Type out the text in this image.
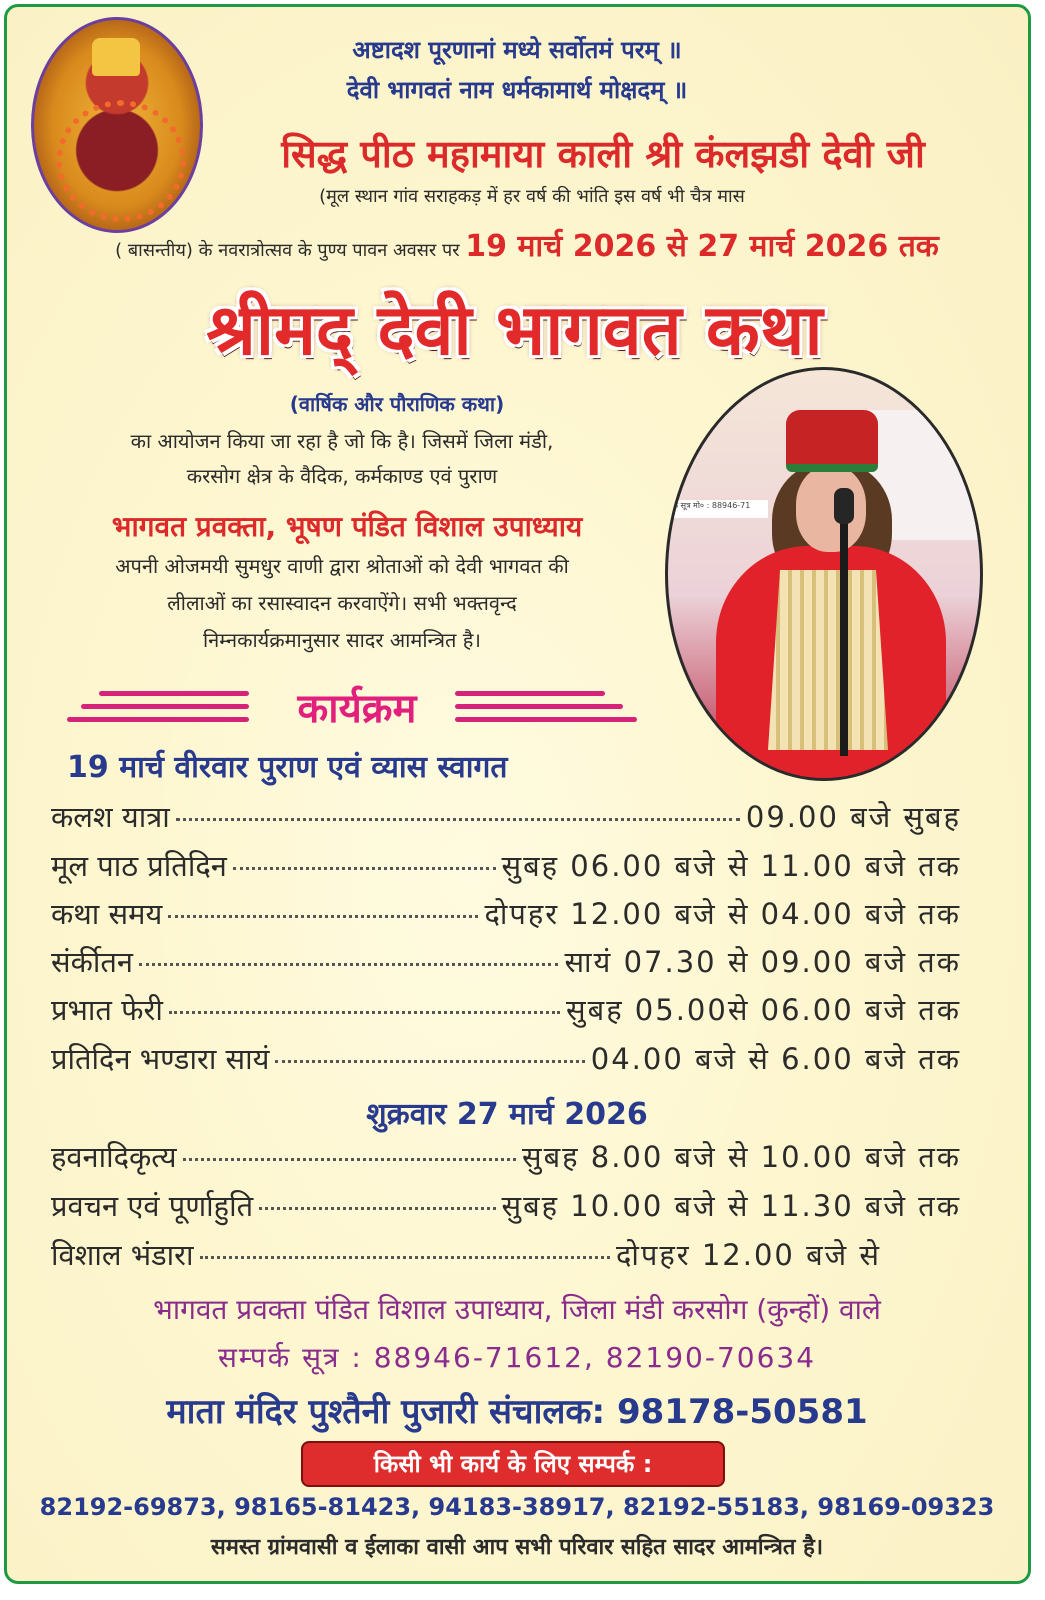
अष्टादश पूरणानां मध्ये सर्वोतमं परम् ॥
देवी भागवतं नाम धर्मकामार्थ मोक्षदम् ॥
सिद्ध पीठ महामाया काली श्री कंलझडी देवी जी
(मूल स्थान गांव सराहकड़ में हर वर्ष की भांति इस वर्ष भी चैत्र मास
( बासन्तीय) के नवरात्रोत्सव के पुण्य पावन अवसर पर 19 मार्च 2026 से 27 मार्च 2026 तक
श्रीमद् देवी भागवत कथा
(वार्षिक और पौराणिक कथा)
का आयोजन किया जा रहा है जो कि है। जिसमें जिला मंडी,
करसोग क्षेत्र के वैदिक, कर्मकाण्ड एवं पुराण
भागवत प्रवक्ता, भूषण पंडित विशाल उपाध्याय
अपनी ओजमयी सुमधुर वाणी द्वारा श्रोताओं को देवी भागवत की
लीलाओं का रसास्वादन करवाऐंगे। सभी भक्तवृन्द
निम्नकार्यक्रमानुसार सादर आमन्त्रित है।
के सूत्र मो० : 88946-71
कार्यक्रम
19 मार्च वीरवार पुराण एवं व्यास स्वागत
कलश यात्रा	09.00 बजे सुबह
मूल पाठ प्रतिदिन	सुबह 06.00 बजे से 11.00 बजे तक
कथा समय	दोपहर 12.00 बजे से 04.00 बजे तक
संर्कीतन	सायं 07.30 से 09.00 बजे तक
प्रभात फेरी	सुबह 05.00से 06.00 बजे तक
प्रतिदिन भण्डारा सायं	04.00 बजे से 6.00 बजे तक
शुक्रवार 27 मार्च 2026
हवनादिकृत्य	सुबह 8.00 बजे से 10.00 बजे तक
प्रवचन एवं पूर्णाहुति	सुबह 10.00 बजे से 11.30 बजे तक
विशाल भंडारा	दोपहर 12.00 बजे से
भागवत प्रवक्ता पंडित विशाल उपाध्याय, जिला मंडी करसोग (कुन्हों) वाले
सम्पर्क सूत्र : 88946-71612, 82190-70634
माता मंदिर पुश्तैनी पुजारी संचालक: 98178-50581
किसी भी कार्य के लिए सम्पर्क :
82192-69873, 98165-81423, 94183-38917, 82192-55183, 98169-09323
समस्त ग्रांमवासी व ईलाका वासी आप सभी परिवार सहित सादर आमन्त्रित है।
